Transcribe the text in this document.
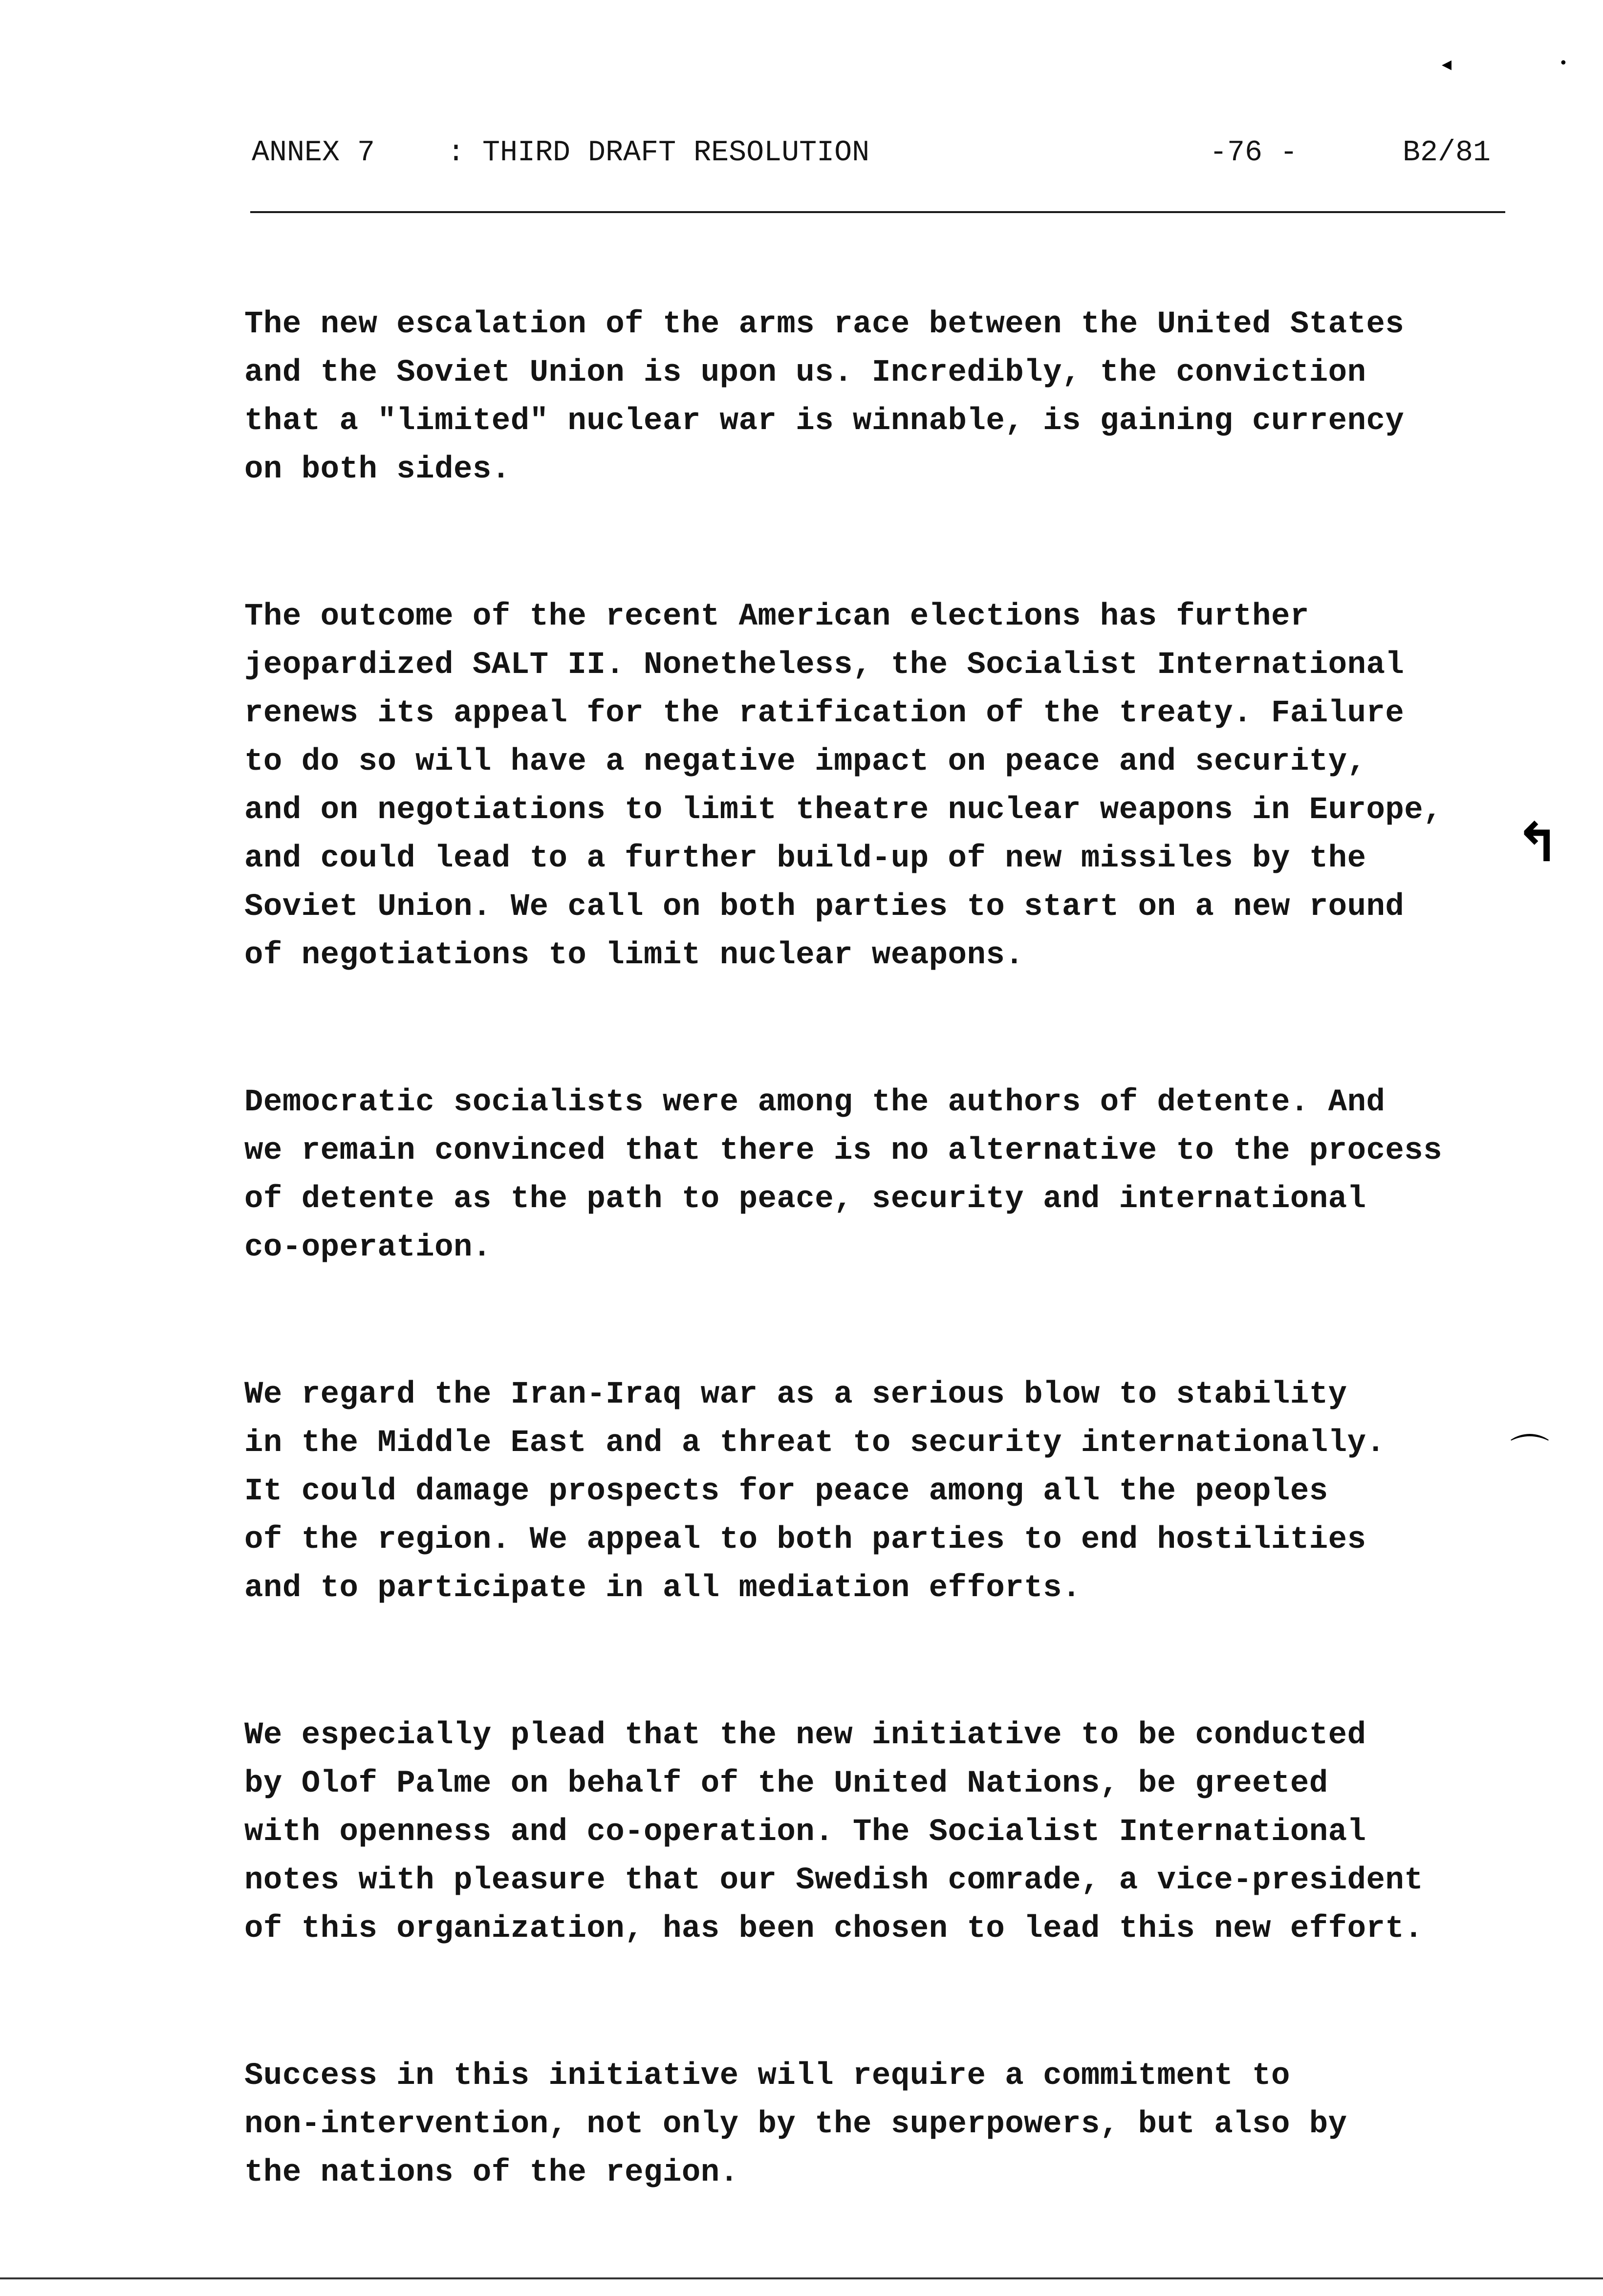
◂	•
ANNEX 7 : THIRD DRAFT RESOLUTION	-76 -	B2/81

The new escalation of the arms race between the United States
and the Soviet Union is upon us. Incredibly, the conviction
that a "limited" nuclear war is winnable, is gaining currency
on both sides.

The outcome of the recent American elections has further
jeopardized SALT II. Nonetheless, the Socialist International
renews its appeal for the ratification of the treaty. Failure
to do so will have a negative impact on peace and security,
and on negotiations to limit theatre nuclear weapons in Europe,
and could lead to a further build-up of new missiles by the
Soviet Union. We call on both parties to start on a new round
of negotiations to limit nuclear weapons.

Democratic socialists were among the authors of detente. And
we remain convinced that there is no alternative to the process
of detente as the path to peace, security and international
co-operation.

We regard the Iran-Iraq war as a serious blow to stability
in the Middle East and a threat to security internationally.
It could damage prospects for peace among all the peoples
of the region. We appeal to both parties to end hostilities
and to participate in all mediation efforts.

We especially plead that the new initiative to be conducted
by Olof Palme on behalf of the United Nations, be greeted
with openness and co-operation. The Socialist International
notes with pleasure that our Swedish comrade, a vice-president
of this organization, has been chosen to lead this new effort.

Success in this initiative will require a commitment to
non-intervention, not only by the superpowers, but also by
the nations of the region.

↰
⌒
